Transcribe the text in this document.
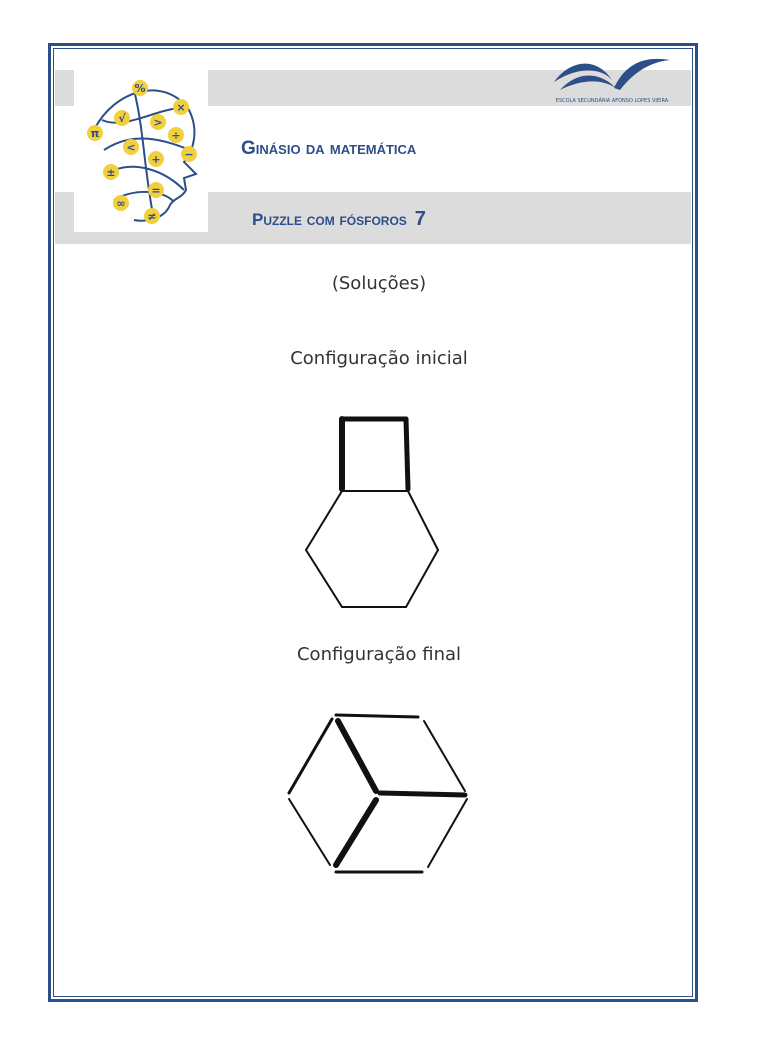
%
×
√	>
π
<
÷
+ −
±
=
∞
≠
ESCOLA SECUNDÁRIA AFONSO LOPES VIEIRA
Ginásio da matemática
Puzzle com fósforos 7
(Soluções)
Configuração inicial
Configuração final
